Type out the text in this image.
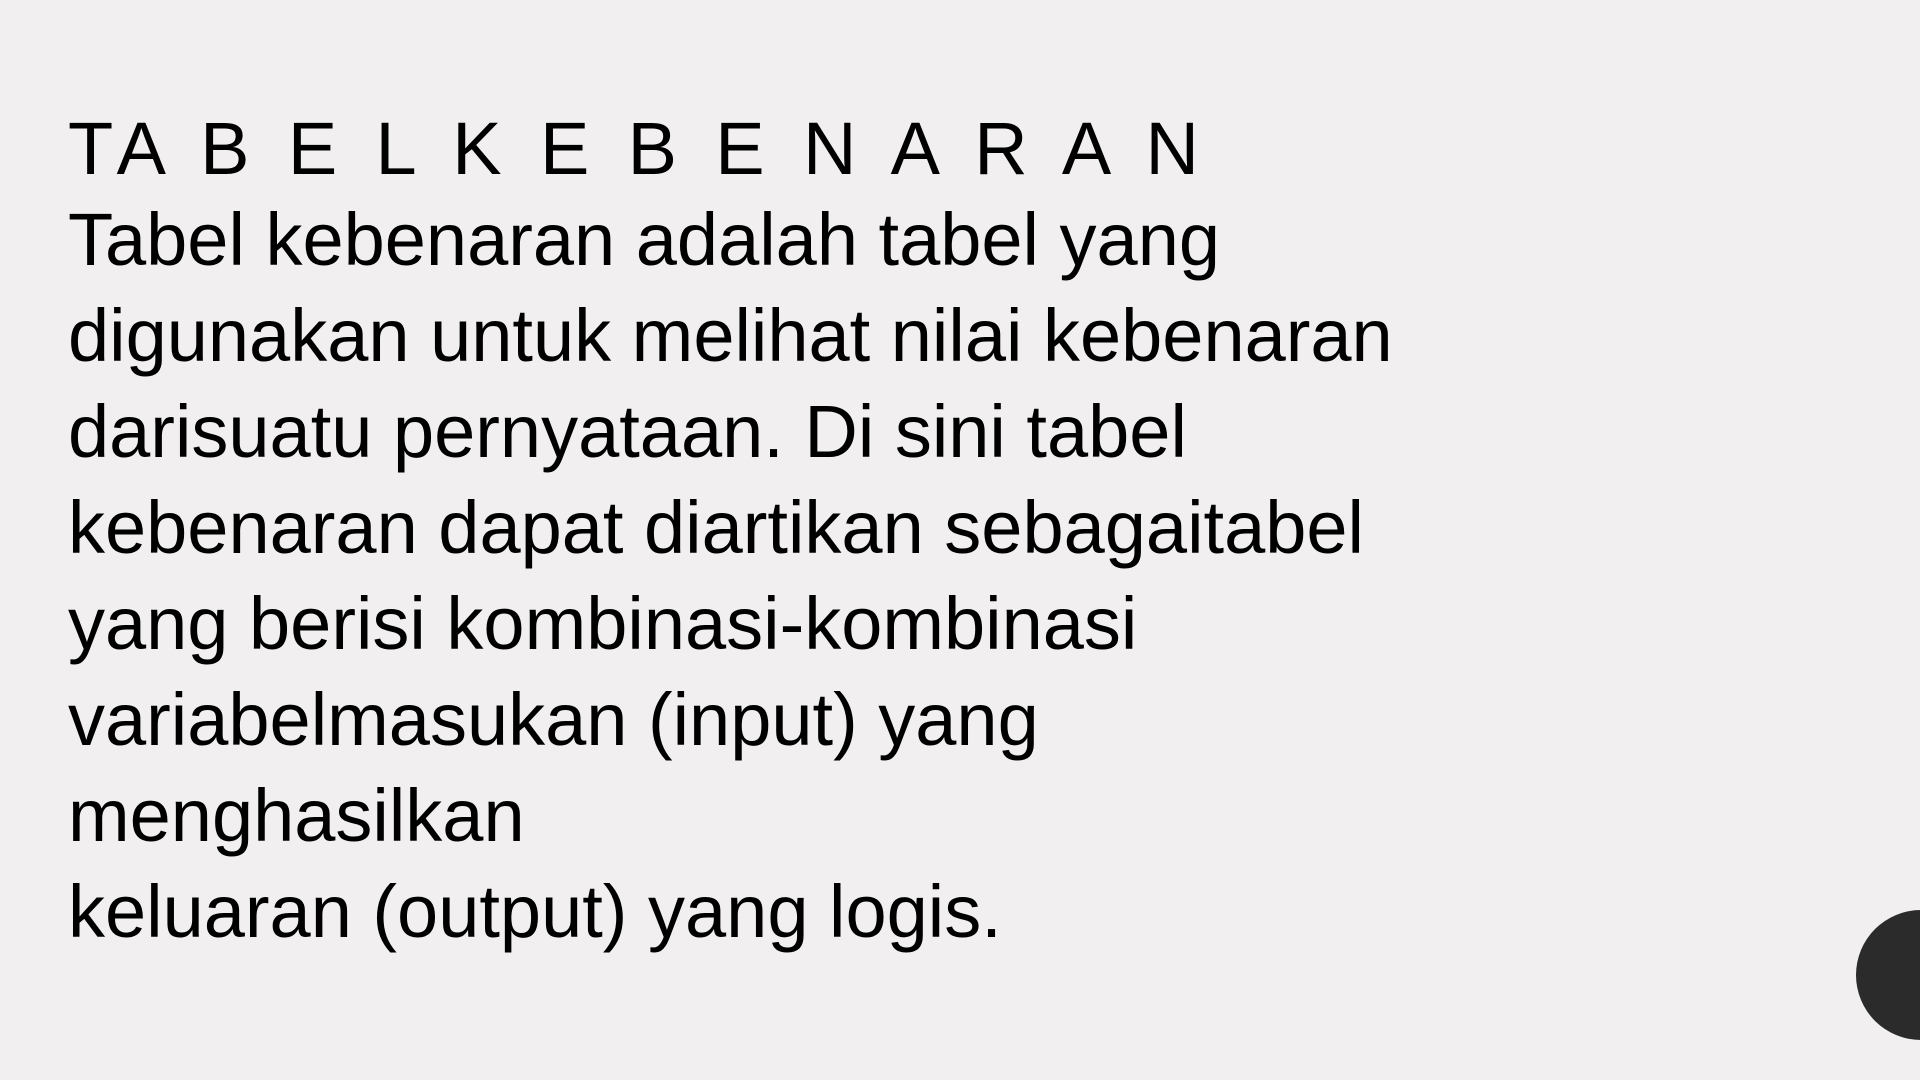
TA B E L K E B E N A R A N

Tabel kebenaran adalah tabel yang
digunakan untuk melihat nilai kebenaran
darisuatu pernyataan. Di sini tabel
kebenaran dapat diartikan sebagaitabel
yang berisi kombinasi-kombinasi
variabelmasukan (input) yang
menghasilkan
keluaran (output) yang logis.
